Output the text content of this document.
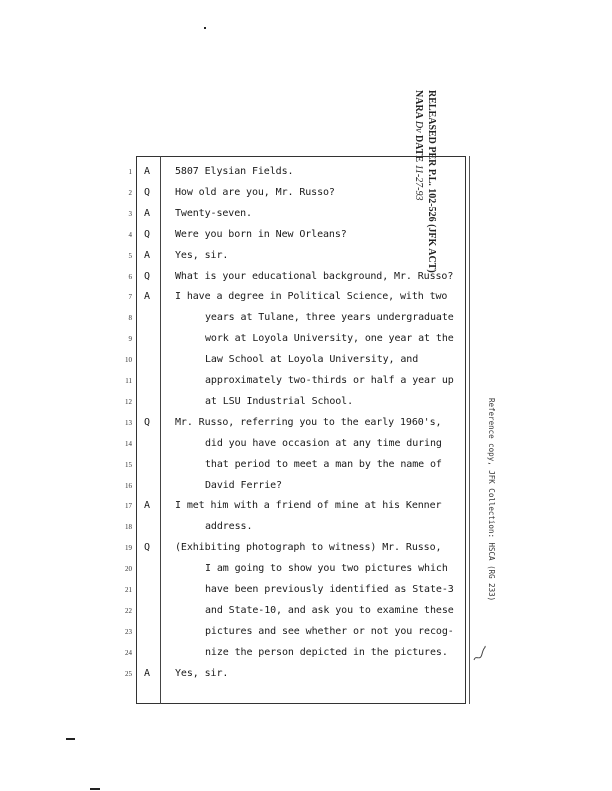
RELEASED PER P.L. 102-526 (JFK ACT)
NARA Dv DATE 11-27-93
1 A 5807 Elysian Fields.
2 Q How old are you, Mr. Russo?
3 A Twenty-seven.
4 Q Were you born in New Orleans?
5 A Yes, sir.
6 Q What is your educational background, Mr. Russo?
7 A I have a degree in Political Science, with two
8	years at Tulane, three years undergraduate
9	work at Loyola University, one year at the
10	Law School at Loyola University, and
11	approximately two-thirds or half a year up
12	at LSU Industrial School.
13 Q Mr. Russo, referring you to the early 1960's,
14	did you have occasion at any time during
15	that period to meet a man by the name of
16	David Ferrie?
17 A I met him with a friend of mine at his Kenner
18	address.
19 Q (Exhibiting photograph to witness) Mr. Russo,
20	I am going to show you two pictures which
21	have been previously identified as State-3
22	and State-10, and ask you to examine these
23	pictures and see whether or not you recog-
24	nize the person depicted in the pictures.
25 A Yes, sir.
Reference copy, JFK Collection: HSCA (RG 233)
